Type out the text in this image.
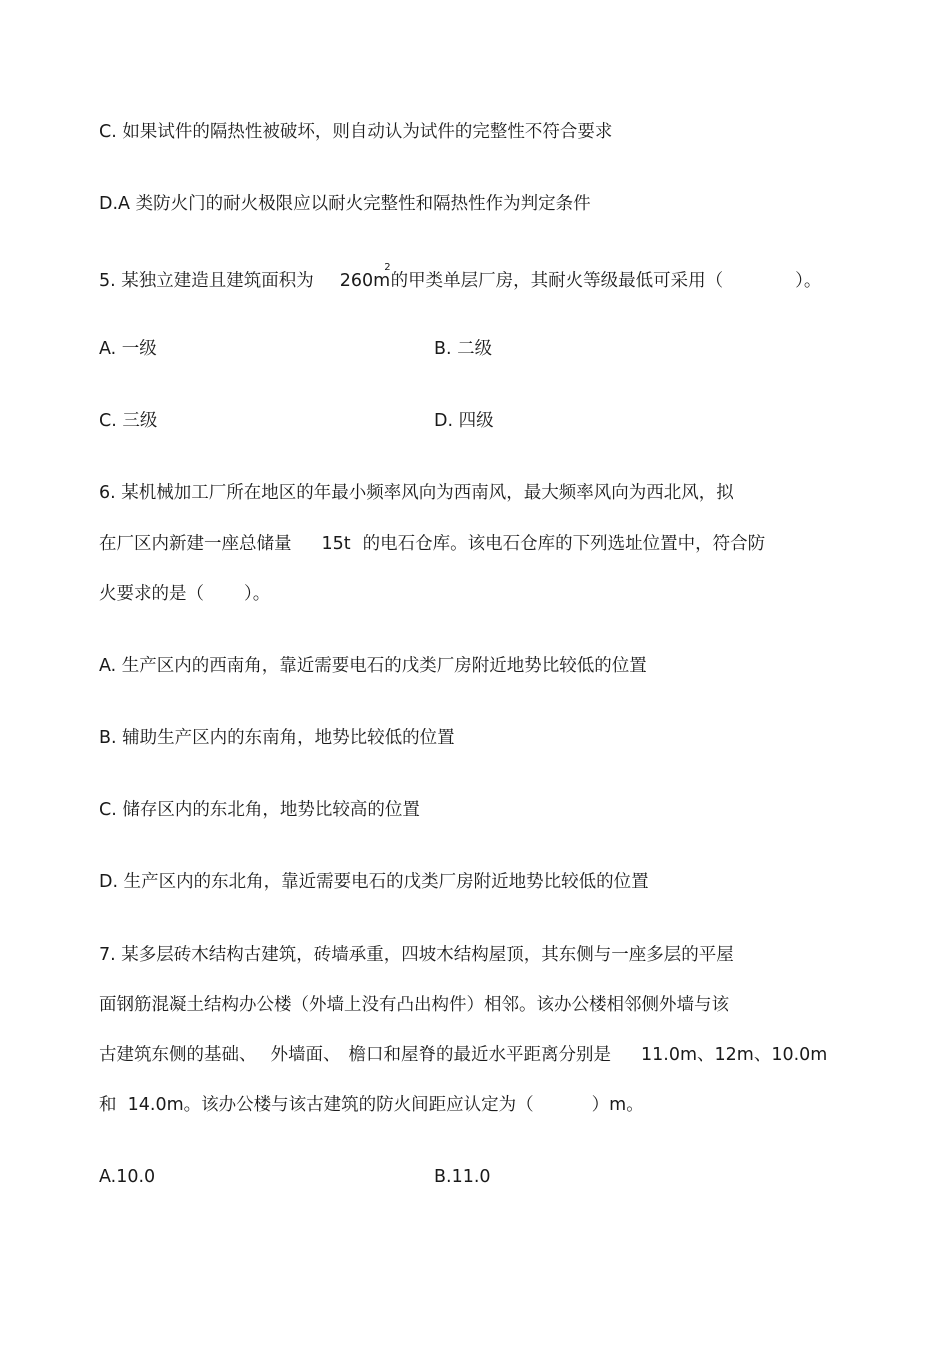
C. 如果试件的隔热性被破坏，则自动认为试件的完整性不符合要求
D.A 类防火门的耐火极限应以耐火完整性和隔热性作为判定条件
5. 某独立建造且建筑面积为 $260m^2$的甲类单层厂房，其耐火等级最低可采用（	）。
A. 一级	B. 二级
C. 三级	D. 四级
6. 某机械加工厂所在地区的年最小频率风向为西南风，最大频率风向为西北风，拟
在厂区内新建一座总储量 15t 的电石仓库。该电石仓库的下列选址位置中，符合防
火要求的是（ ）。
A. 生产区内的西南角，靠近需要电石的戊类厂房附近地势比较低的位置
B. 辅助生产区内的东南角，地势比较低的位置
C. 储存区内的东北角，地势比较高的位置
D. 生产区内的东北角，靠近需要电石的戊类厂房附近地势比较低的位置
7. 某多层砖木结构古建筑，砖墙承重，四坡木结构屋顶，其东侧与一座多层的平屋
面钢筋混凝土结构办公楼（外墙上没有凸出构件）相邻。该办公楼相邻侧外墙与该
古建筑东侧的基础、 外墙面、 檐口和屋脊的最近水平距离分别是 11.0m、12m、10.0m
和  14.0m。该办公楼与该古建筑的防火间距应认定为（	）m。
A.10.0	B.11.0
